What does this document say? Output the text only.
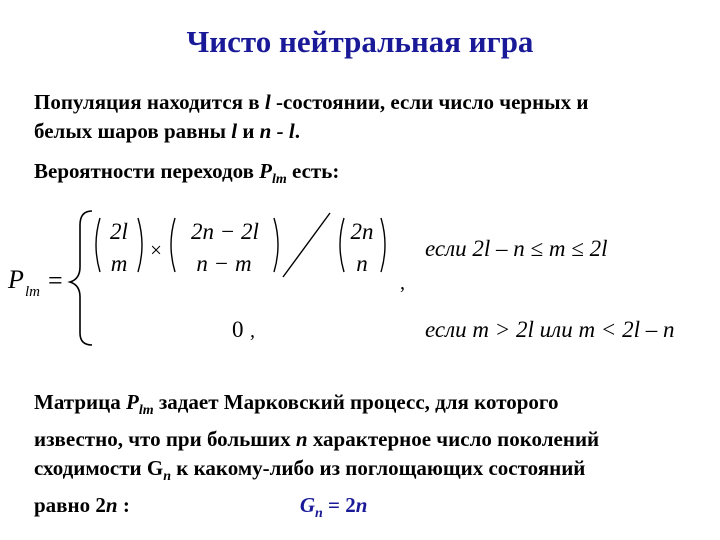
Чисто нейтральная игра
Популяция находится в l -состоянии, если число черных и
белых шаров равны l и n - l.
Вероятности переходов $P_{lm}$ есть:
P lm =
2l
m
×
2n − 2l
n − m
2n
n
,
если 2l – n ≤ m ≤ 2l
0 ,	если m > 2l или m < 2l – n
Матрица $P_{lm}$ задает Марковский процесс, для которого
известно, что при больших n характерное число поколений
сходимости $G_n$ к какому-либо из поглощающих состояний
равно 2n :	$G_n = 2n$
